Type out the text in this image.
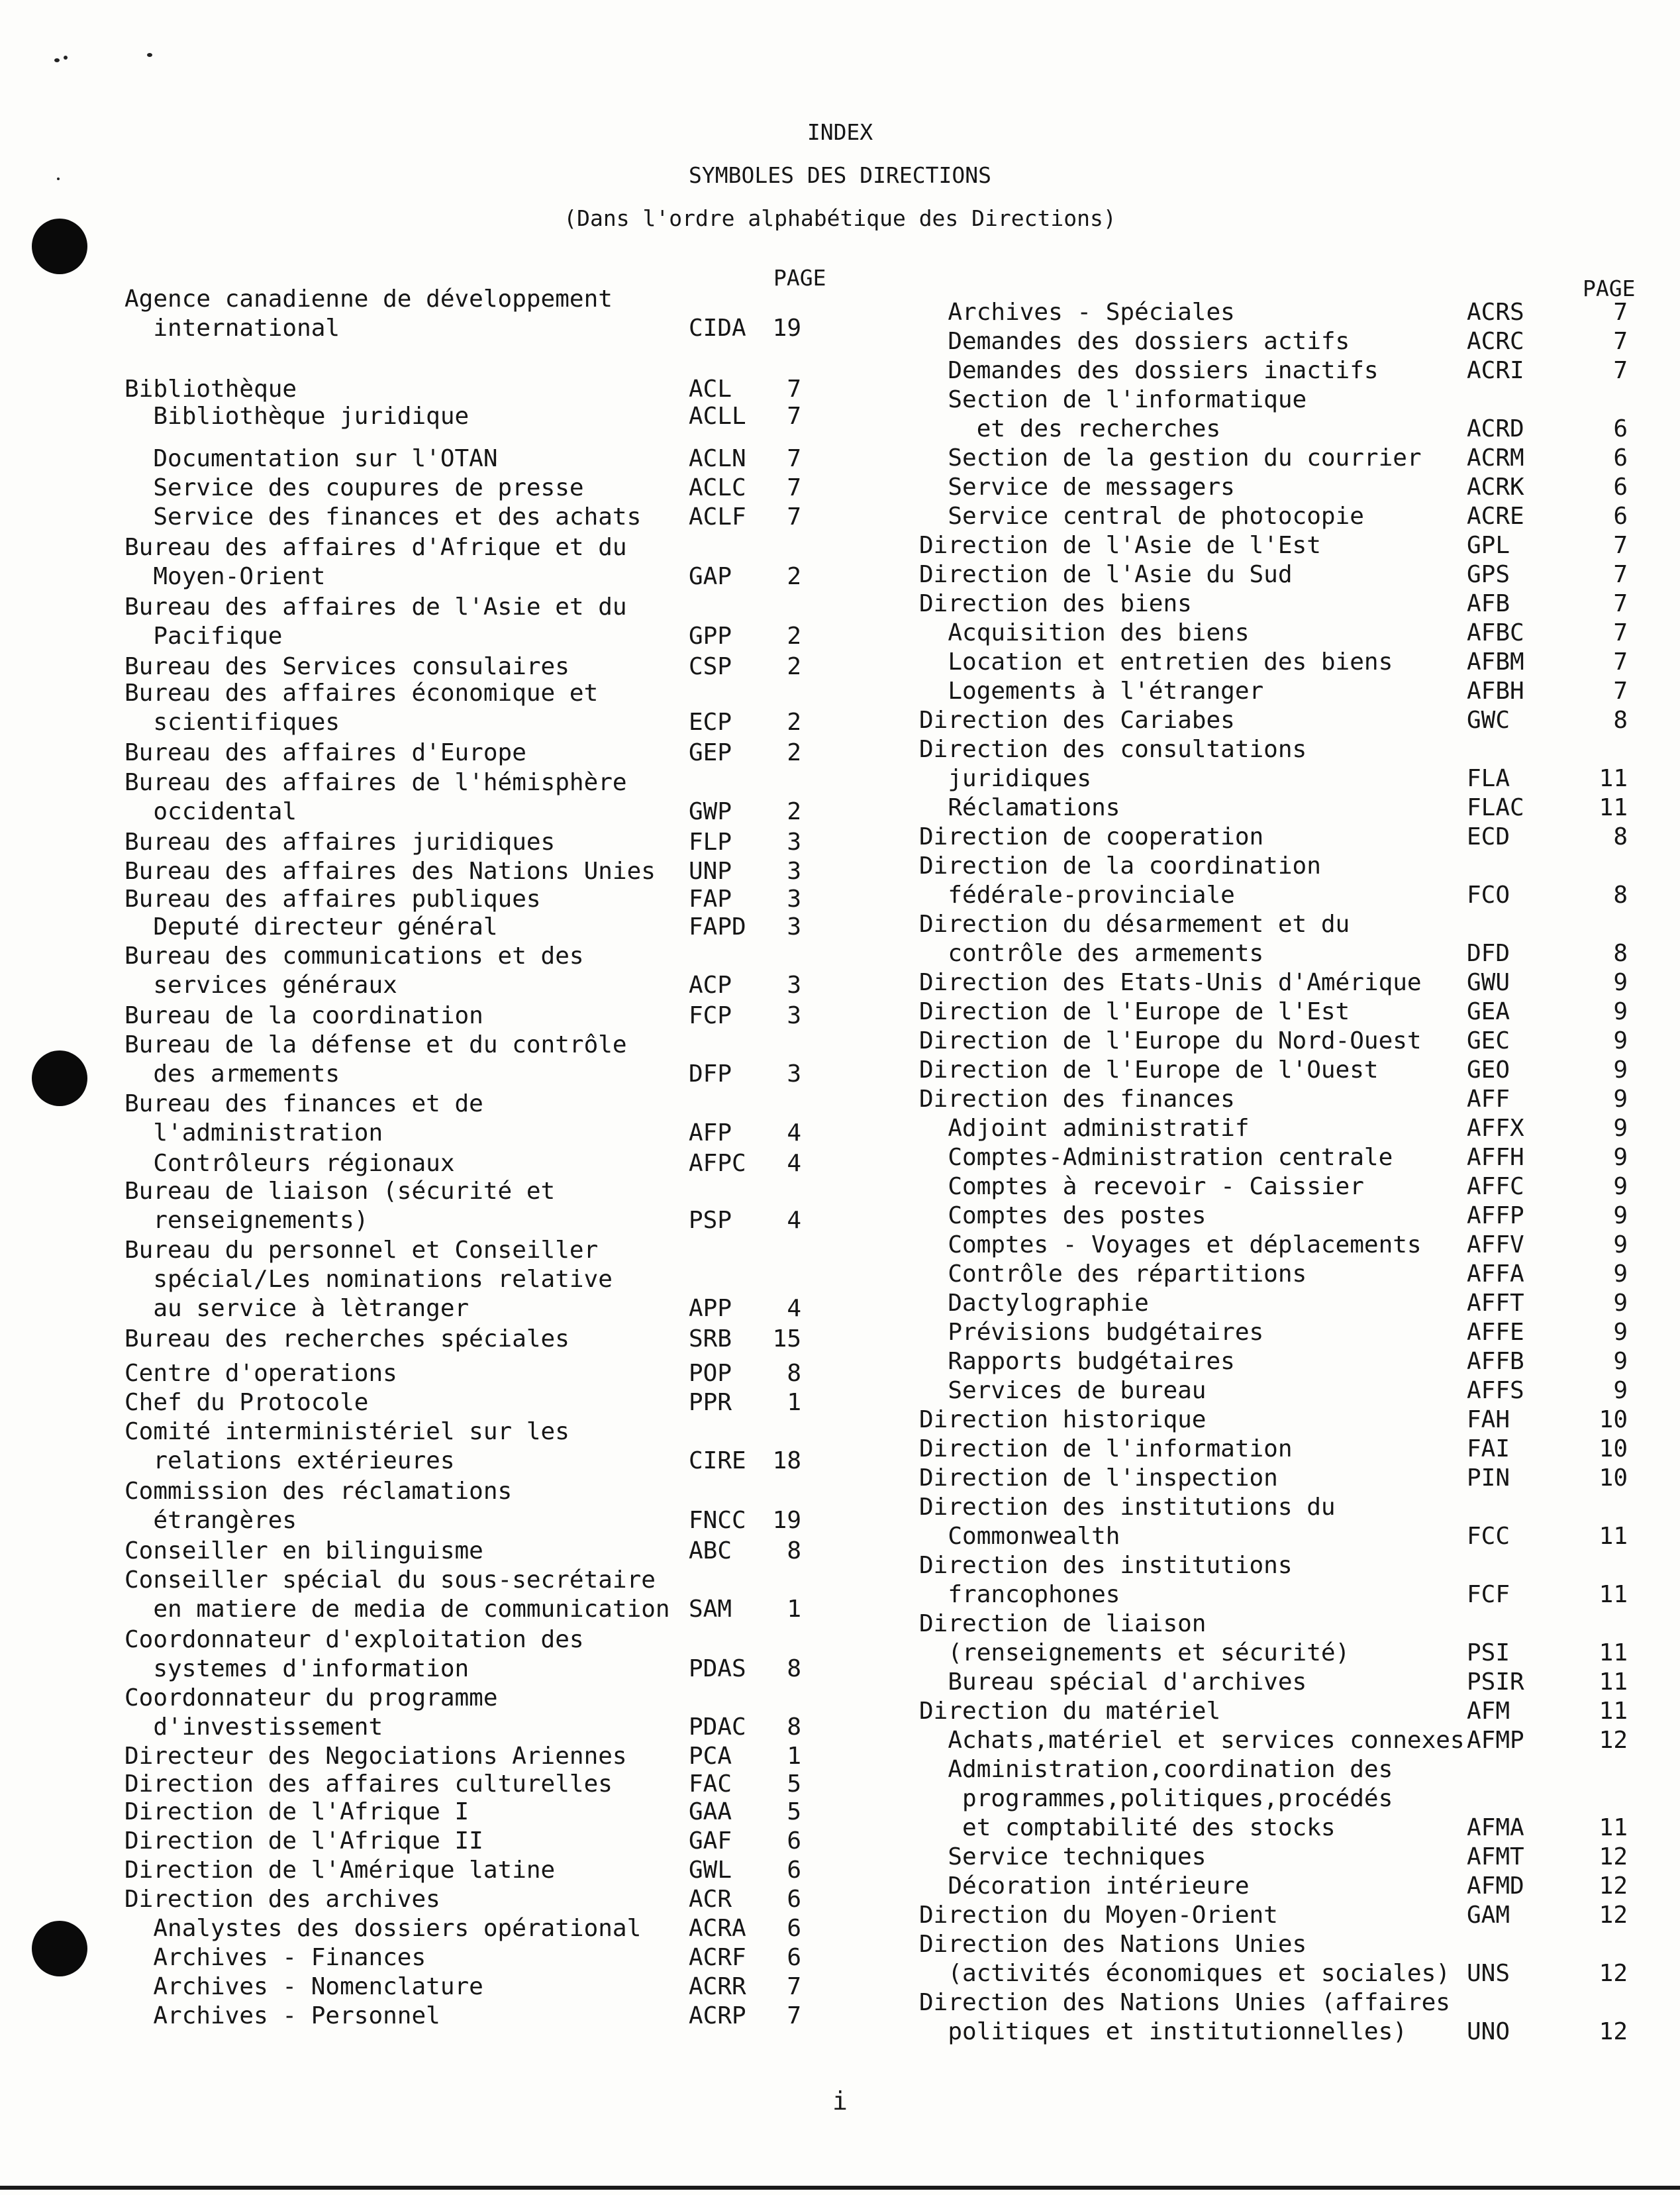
INDEX
SYMBOLES DES DIRECTIONS
(Dans l'ordre alphabétique des Directions)
PAGE	PAGE
Agence canadienne de développement
international	CIDA	19
Bibliothèque	ACL	7
Bibliothèque juridique	ACLL	7
Documentation sur l'OTAN	ACLN	7
Service des coupures de presse	ACLC	7
Service des finances et des achats ACLF	7
Bureau des affaires d'Afrique et du
Moyen-Orient	GAP	2
Bureau des affaires de l'Asie et du
Pacifique	GPP	2
Bureau des Services consulaires	CSP	2
Bureau des affaires économique et
scientifiques	ECP	2
Bureau des affaires d'Europe	GEP	2
Bureau des affaires de l'hémisphère
occidental	GWP	2
Bureau des affaires juridiques	FLP	3
Bureau des affaires des Nations Unies UNP	3
Bureau des affaires publiques	FAP	3
Deputé directeur général	FAPD	3
Bureau des communications et des
services généraux	ACP	3
Bureau de la coordination	FCP	3
Bureau de la défense et du contrôle
des armements	DFP	3
Bureau des finances et de
l'administration	AFP	4
Contrôleurs régionaux	AFPC	4
Bureau de liaison (sécurité et
renseignements)	PSP	4
Bureau du personnel et Conseiller
spécial/Les nominations relative
au service à lètranger	APP	4
Bureau des recherches spéciales	SRB	15
Centre d'operations	POP	8
Chef du Protocole	PPR	1
Comité interministériel sur les
relations extérieures	CIRE	18
Commission des réclamations
étrangères	FNCC	19
Conseiller en bilinguisme	ABC	8
Conseiller spécial du sous-secrétaire
en matiere de media de communication SAM	1
Coordonnateur d'exploitation des
systemes d'information	PDAS	8
Coordonnateur du programme
d'investissement	PDAC	8
Directeur des Negociations Ariennes	PCA	1
Direction des affaires culturelles	FAC	5
Direction de l'Afrique I	GAA	5
Direction de l'Afrique II	GAF	6
Direction de l'Amérique latine	GWL	6
Direction des archives	ACR	6
Analystes des dossiers opérational ACRA	6
Archives - Finances	ACRF	6
Archives - Nomenclature	ACRR	7
Archives - Personnel	ACRP	7
Archives - Spéciales	ACRS	7
Demandes des dossiers actifs	ACRC	7
Demandes des dossiers inactifs	ACRI	7
Section de l'informatique
et des recherches	ACRD	6
Section de la gestion du courrier ACRM	6
Service de messagers	ACRK	6
Service central de photocopie	ACRE	6
Direction de l'Asie de l'Est	GPL	7
Direction de l'Asie du Sud	GPS	7
Direction des biens	AFB	7
Acquisition des biens	AFBC	7
Location et entretien des biens	AFBM	7
Logements à l'étranger	AFBH	7
Direction des Cariabes	GWC	8
Direction des consultations
juridiques	FLA	11
Réclamations	FLAC	11
Direction de cooperation	ECD	8
Direction de la coordination
fédérale-provinciale	FCO	8
Direction du désarmement et du
contrôle des armements	DFD	8
Direction des Etats-Unis d'Amérique GWU	9
Direction de l'Europe de l'Est	GEA	9
Direction de l'Europe du Nord-Ouest GEC	9
Direction de l'Europe de l'Ouest	GEO	9
Direction des finances	AFF	9
Adjoint administratif	AFFX	9
Comptes-Administration centrale	AFFH	9
Comptes à recevoir - Caissier	AFFC	9
Comptes des postes	AFFP	9
Comptes - Voyages et déplacements AFFV	9
Contrôle des répartitions	AFFA	9
Dactylographie	AFFT	9
Prévisions budgétaires	AFFE	9
Rapports budgétaires	AFFB	9
Services de bureau	AFFS	9
Direction historique	FAH	10
Direction de l'information	FAI	10
Direction de l'inspection	PIN	10
Direction des institutions du
Commonwealth	FCC	11
Direction des institutions
francophones	FCF	11
Direction de liaison
(renseignements et sécurité)	PSI	11
Bureau spécial d'archives	PSIR	11
Direction du matériel	AFM	11
Achats,matériel et services connexes AFMP	12
Administration,coordination des
programmes,politiques,procédés
et comptabilité des stocks	AFMA	11
Service techniques	AFMT	12
Décoration intérieure	AFMD	12
Direction du Moyen-Orient	GAM	12
Direction des Nations Unies
(activités économiques et sociales) UNS	12
Direction des Nations Unies (affaires
politiques et institutionnelles)	UNO	12
i
